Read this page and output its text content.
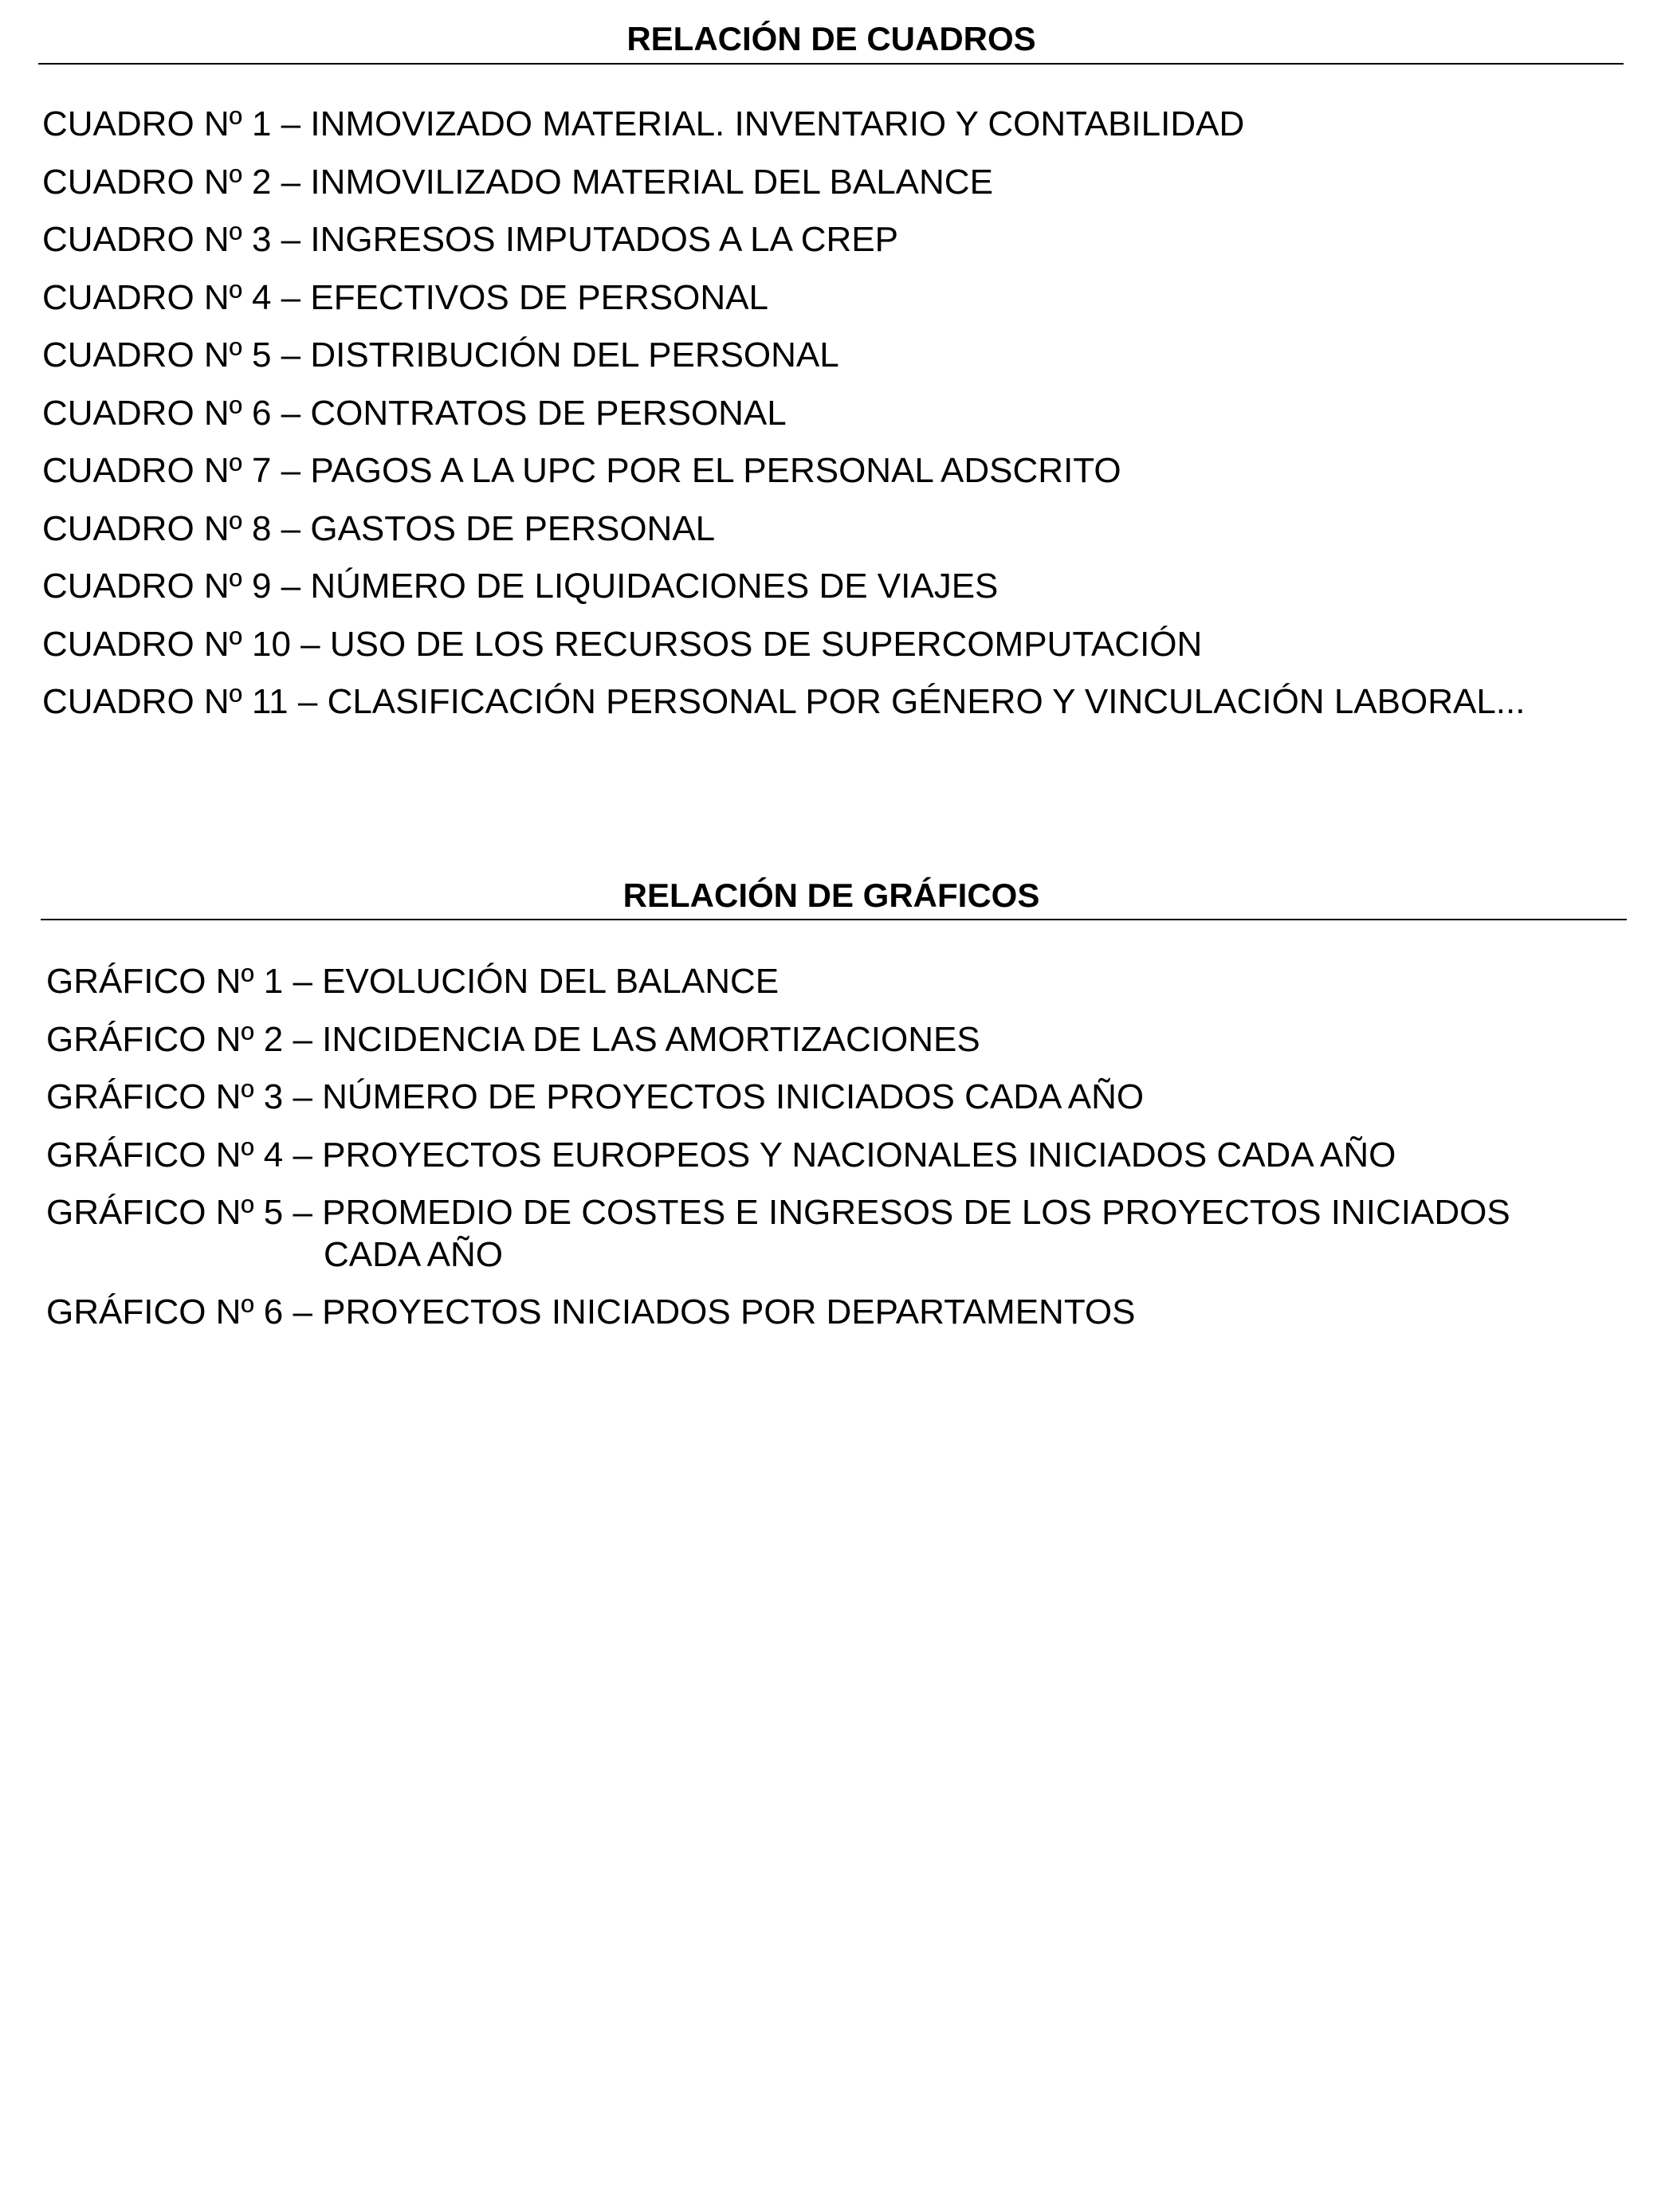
RELACIÓN DE CUADROS
CUADRO Nº 1 – INMOVIZADO MATERIAL. INVENTARIO Y CONTABILIDAD
CUADRO Nº 2 – INMOVILIZADO MATERIAL DEL BALANCE
CUADRO Nº 3 – INGRESOS IMPUTADOS A LA CREP
CUADRO Nº 4 – EFECTIVOS DE PERSONAL
CUADRO Nº 5 – DISTRIBUCIÓN DEL PERSONAL
CUADRO Nº 6 – CONTRATOS DE PERSONAL
CUADRO Nº 7 – PAGOS A LA UPC POR EL PERSONAL ADSCRITO
CUADRO Nº 8 – GASTOS DE PERSONAL
CUADRO Nº 9 – NÚMERO DE LIQUIDACIONES DE VIAJES
CUADRO Nº 10 – USO DE LOS RECURSOS DE SUPERCOMPUTACIÓN
CUADRO Nº 11 – CLASIFICACIÓN PERSONAL POR GÉNERO Y VINCULACIÓN LABORAL...
RELACIÓN DE GRÁFICOS
GRÁFICO Nº 1 – EVOLUCIÓN DEL BALANCE
GRÁFICO Nº 2 – INCIDENCIA DE LAS AMORTIZACIONES
GRÁFICO Nº 3 – NÚMERO DE PROYECTOS INICIADOS CADA AÑO
GRÁFICO Nº 4 – PROYECTOS EUROPEOS Y NACIONALES INICIADOS CADA AÑO
GRÁFICO Nº 5 – PROMEDIO DE COSTES E INGRESOS DE LOS PROYECTOS INICIADOS
CADA AÑO
GRÁFICO Nº 6 – PROYECTOS INICIADOS POR DEPARTAMENTOS
